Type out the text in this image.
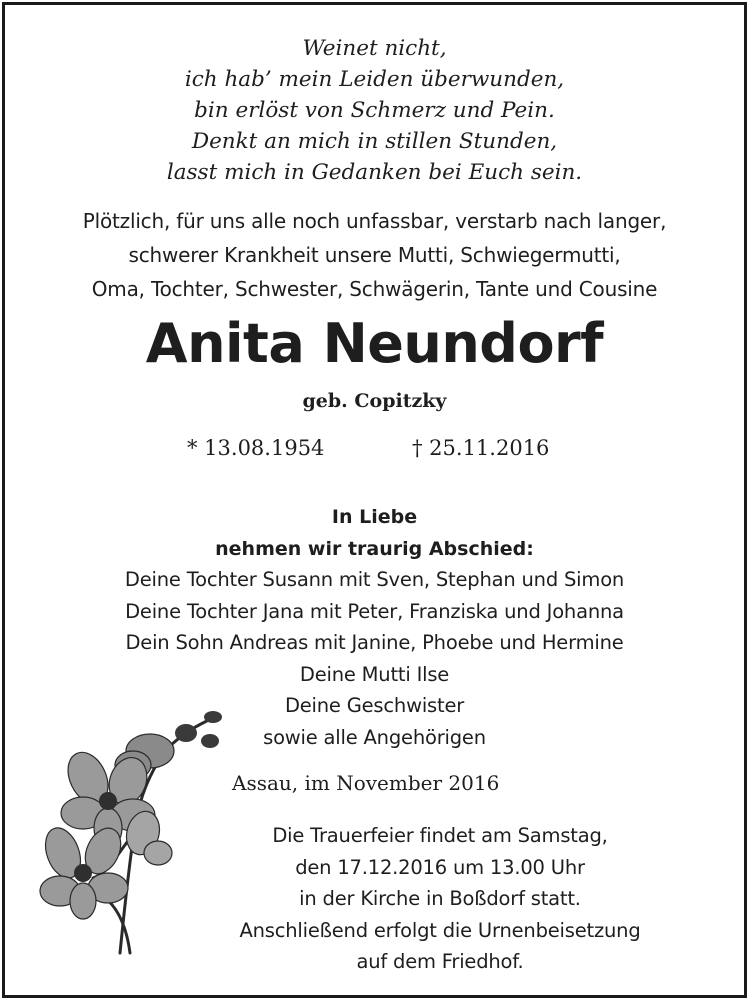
Weinet nicht,
ich hab’ mein Leiden überwunden,
bin erlöst von Schmerz und Pein.
Denkt an mich in stillen Stunden,
lasst mich in Gedanken bei Euch sein.
Plötzlich, für uns alle noch unfassbar, verstarb nach langer,
schwerer Krankheit unsere Mutti, Schwiegermutti,
Oma, Tochter, Schwester, Schwägerin, Tante und Cousine
Anita Neundorf
geb. Copitzky
* 13.08.1954	† 25.11.2016
In Liebe
nehmen wir traurig Abschied:
Deine Tochter Susann mit Sven, Stephan und Simon
Deine Tochter Jana mit Peter, Franziska und Johanna
Dein Sohn Andreas mit Janine, Phoebe und Hermine
Deine Mutti Ilse
Deine Geschwister
sowie alle Angehörigen
Assau, im November 2016
Die Trauerfeier findet am Samstag,
den 17.12.2016 um 13.00 Uhr
in der Kirche in Boßdorf statt.
Anschließend erfolgt die Urnenbeisetzung
auf dem Friedhof.
